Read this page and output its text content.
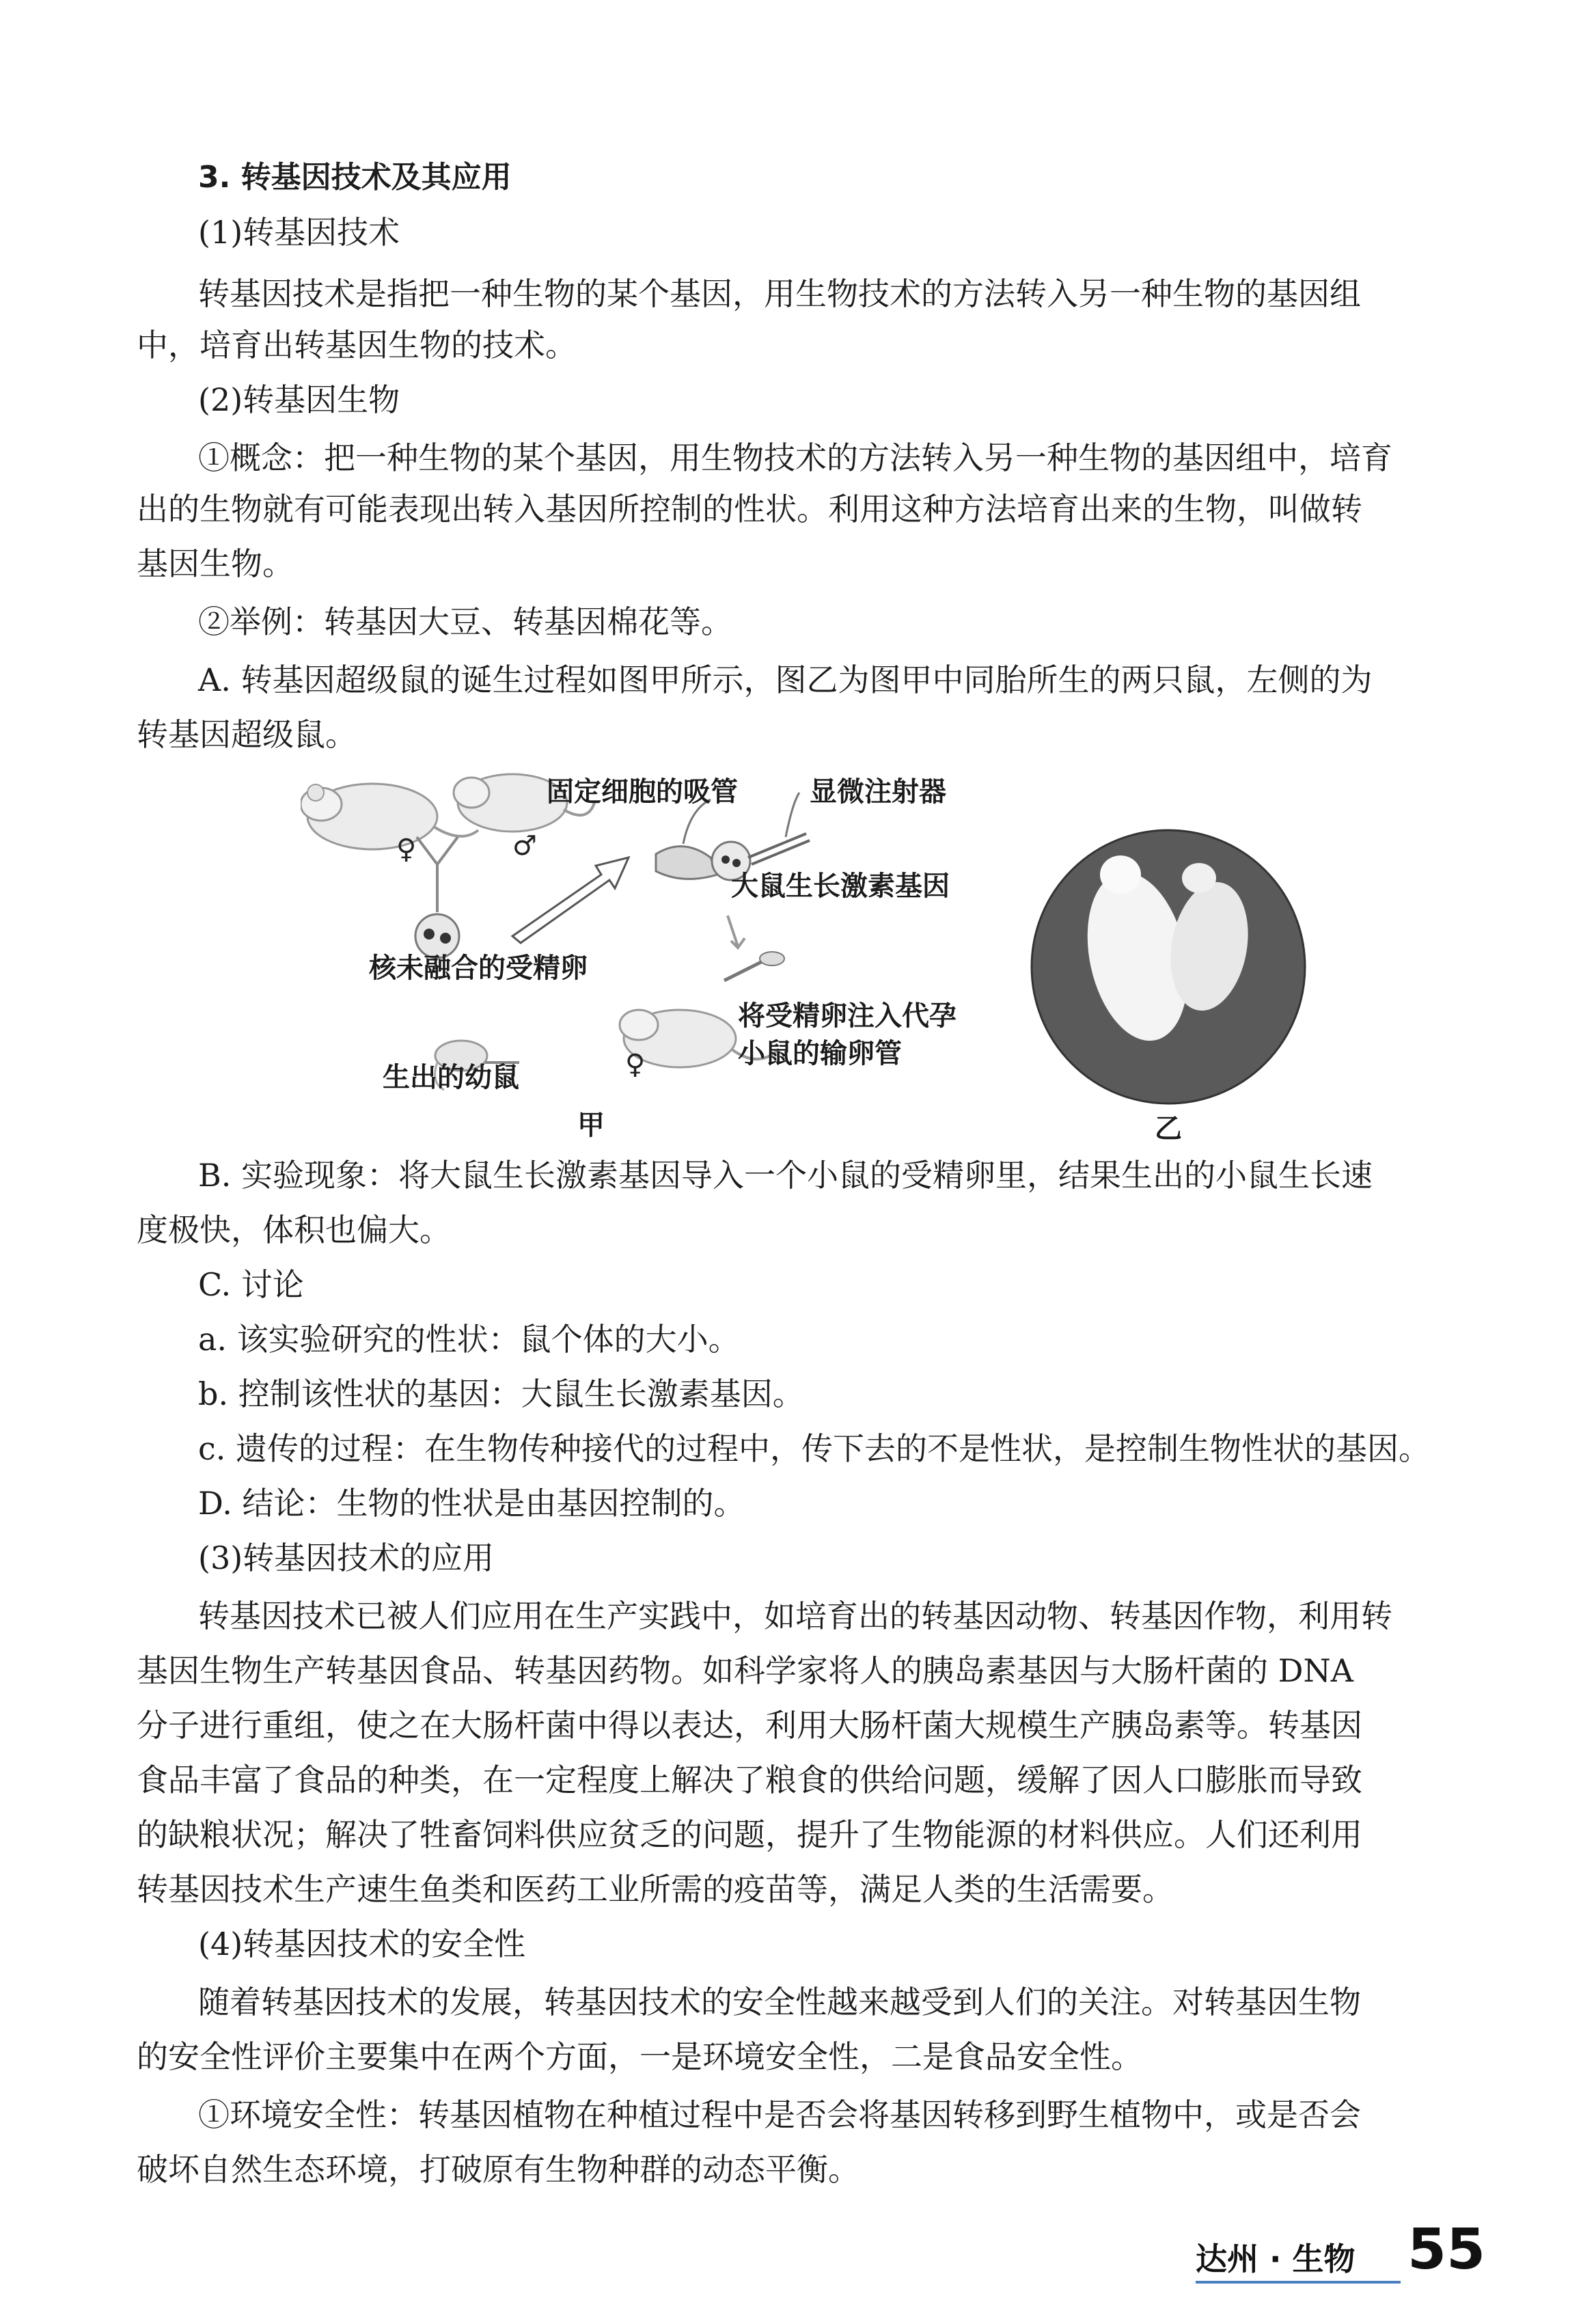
3. 转基因技术及其应用
(1)转基因技术
转基因技术是指把一种生物的某个基因，用生物技术的方法转入另一种生物的基因组
中，培育出转基因生物的技术。
(2)转基因生物
①概念：把一种生物的某个基因，用生物技术的方法转入另一种生物的基因组中，培育
出的生物就有可能表现出转入基因所控制的性状。利用这种方法培育出来的生物，叫做转
基因生物。
②举例：转基因大豆、转基因棉花等。
A. 转基因超级鼠的诞生过程如图甲所示，图乙为图甲中同胎所生的两只鼠，左侧的为
转基因超级鼠。
固定细胞的吸管	显微注射器
大鼠生长激素基因
核未融合的受精卵
将受精卵注入代孕
小鼠的输卵管
生出的幼鼠
甲	乙
♀	♂
♀
B. 实验现象：将大鼠生长激素基因导入一个小鼠的受精卵里，结果生出的小鼠生长速
度极快，体积也偏大。
C. 讨论
a. 该实验研究的性状：鼠个体的大小。
b. 控制该性状的基因：大鼠生长激素基因。
c. 遗传的过程：在生物传种接代的过程中，传下去的不是性状，是控制生物性状的基因。
D. 结论：生物的性状是由基因控制的。
(3)转基因技术的应用
转基因技术已被人们应用在生产实践中，如培育出的转基因动物、转基因作物，利用转
基因生物生产转基因食品、转基因药物。如科学家将人的胰岛素基因与大肠杆菌的 DNA
分子进行重组，使之在大肠杆菌中得以表达，利用大肠杆菌大规模生产胰岛素等。转基因
食品丰富了食品的种类，在一定程度上解决了粮食的供给问题，缓解了因人口膨胀而导致
的缺粮状况；解决了牲畜饲料供应贫乏的问题，提升了生物能源的材料供应。人们还利用
转基因技术生产速生鱼类和医药工业所需的疫苗等，满足人类的生活需要。
(4)转基因技术的安全性
随着转基因技术的发展，转基因技术的安全性越来越受到人们的关注。对转基因生物
的安全性评价主要集中在两个方面，一是环境安全性，二是食品安全性。
①环境安全性：转基因植物在种植过程中是否会将基因转移到野生植物中，或是否会
破坏自然生态环境，打破原有生物种群的动态平衡。
达州 · 生物 55
